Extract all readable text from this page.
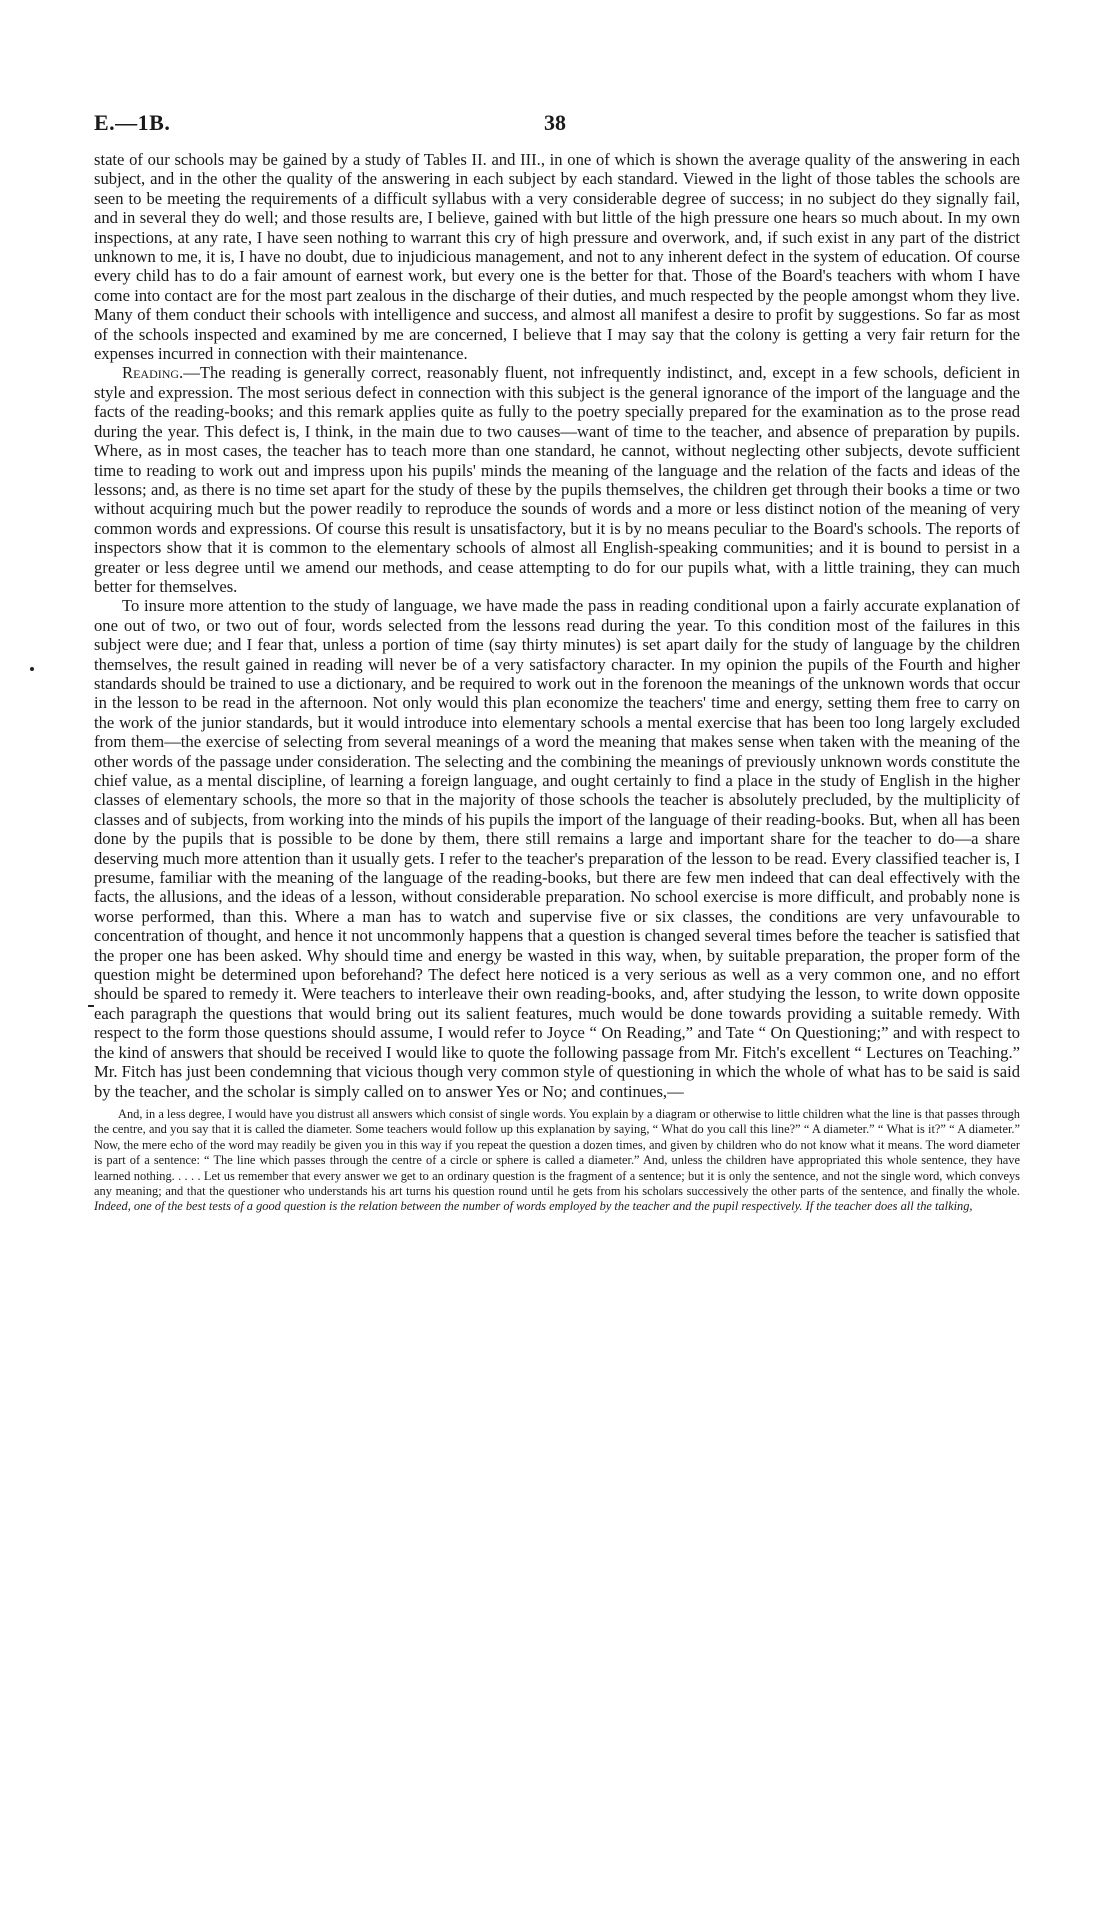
E.—1B.	38

state of our schools may be gained by a study of Tables II. and III., in one of which is shown the average quality of the answering in each subject, and in the other the quality of the answering in each subject by each standard. Viewed in the light of those tables the schools are seen to be meeting the requirements of a difficult syllabus with a very considerable degree of success; in no subject do they signally fail, and in several they do well; and those results are, I believe, gained with but little of the high pressure one hears so much about. In my own inspections, at any rate, I have seen nothing to warrant this cry of high pressure and overwork, and, if such exist in any part of the district unknown to me, it is, I have no doubt, due to injudicious management, and not to any inherent defect in the system of education. Of course every child has to do a fair amount of earnest work, but every one is the better for that. Those of the Board's teachers with whom I have come into contact are for the most part zealous in the discharge of their duties, and much respected by the people amongst whom they live. Many of them conduct their schools with intelligence and success, and almost all manifest a desire to profit by suggestions. So far as most of the schools inspected and examined by me are concerned, I believe that I may say that the colony is getting a very fair return for the expenses incurred in connection with their maintenance.

Reading.—The reading is generally correct, reasonably fluent, not infrequently indistinct, and, except in a few schools, deficient in style and expression. The most serious defect in connection with this subject is the general ignorance of the import of the language and the facts of the reading-books; and this remark applies quite as fully to the poetry specially prepared for the examination as to the prose read during the year. This defect is, I think, in the main due to two causes—want of time to the teacher, and absence of preparation by pupils. Where, as in most cases, the teacher has to teach more than one standard, he cannot, without neglecting other subjects, devote sufficient time to reading to work out and impress upon his pupils' minds the meaning of the language and the relation of the facts and ideas of the lessons; and, as there is no time set apart for the study of these by the pupils themselves, the children get through their books a time or two without acquiring much but the power readily to reproduce the sounds of words and a more or less distinct notion of the meaning of very common words and expressions. Of course this result is unsatisfactory, but it is by no means peculiar to the Board's schools. The reports of inspectors show that it is common to the elementary schools of almost all English-speaking communities; and it is bound to persist in a greater or less degree until we amend our methods, and cease attempting to do for our pupils what, with a little training, they can much better for themselves.

To insure more attention to the study of language, we have made the pass in reading conditional upon a fairly accurate explanation of one out of two, or two out of four, words selected from the lessons read during the year. To this condition most of the failures in this subject were due; and I fear that, unless a portion of time (say thirty minutes) is set apart daily for the study of language by the children themselves, the result gained in reading will never be of a very satisfactory character. In my opinion the pupils of the Fourth and higher standards should be trained to use a dictionary, and be required to work out in the forenoon the meanings of the unknown words that occur in the lesson to be read in the afternoon. Not only would this plan economize the teachers' time and energy, setting them free to carry on the work of the junior standards, but it would introduce into elementary schools a mental exercise that has been too long largely excluded from them—the exercise of selecting from several meanings of a word the meaning that makes sense when taken with the meaning of the other words of the passage under consideration. The selecting and the combining the meanings of previously unknown words constitute the chief value, as a mental discipline, of learning a foreign language, and ought certainly to find a place in the study of English in the higher classes of elementary schools, the more so that in the majority of those schools the teacher is absolutely precluded, by the multiplicity of classes and of subjects, from working into the minds of his pupils the import of the language of their reading-books. But, when all has been done by the pupils that is possible to be done by them, there still remains a large and important share for the teacher to do—a share deserving much more attention than it usually gets. I refer to the teacher's preparation of the lesson to be read. Every classified teacher is, I presume, familiar with the meaning of the language of the reading-books, but there are few men indeed that can deal effectively with the facts, the allusions, and the ideas of a lesson, without considerable preparation. No school exercise is more difficult, and probably none is worse performed, than this. Where a man has to watch and supervise five or six classes, the conditions are very unfavourable to concentration of thought, and hence it not uncommonly happens that a question is changed several times before the teacher is satisfied that the proper one has been asked. Why should time and energy be wasted in this way, when, by suitable preparation, the proper form of the question might be determined upon beforehand? The defect here noticed is a very serious as well as a very common one, and no effort should be spared to remedy it. Were teachers to interleave their own reading-books, and, after studying the lesson, to write down opposite each paragraph the questions that would bring out its salient features, much would be done towards providing a suitable remedy. With respect to the form those questions should assume, I would refer to Joyce “ On Reading,” and Tate “ On Questioning;” and with respect to the kind of answers that should be received I would like to quote the following passage from Mr. Fitch's excellent “ Lectures on Teaching.” Mr. Fitch has just been condemning that vicious though very common style of questioning in which the whole of what has to be said is said by the teacher, and the scholar is simply called on to answer Yes or No; and continues,—

And, in a less degree, I would have you distrust all answers which consist of single words. You explain by a diagram or otherwise to little children what the line is that passes through the centre, and you say that it is called the diameter. Some teachers would follow up this explanation by saying, “ What do you call this line?” “ A diameter.” “ What is it?” “ A diameter.” Now, the mere echo of the word may readily be given you in this way if you repeat the question a dozen times, and given by children who do not know what it means. The word diameter is part of a sentence: “ The line which passes through the centre of a circle or sphere is called a diameter.” And, unless the children have appropriated this whole sentence, they have learned nothing. . . . . Let us remember that every answer we get to an ordinary question is the fragment of a sentence; but it is only the sentence, and not the single word, which conveys any meaning; and that the questioner who understands his art turns his question round until he gets from his scholars successively the other parts of the sentence, and finally the whole. Indeed, one of the best tests of a good question is the relation between the number of words employed by the teacher and the pupil respectively. If the teacher does all the talking,
